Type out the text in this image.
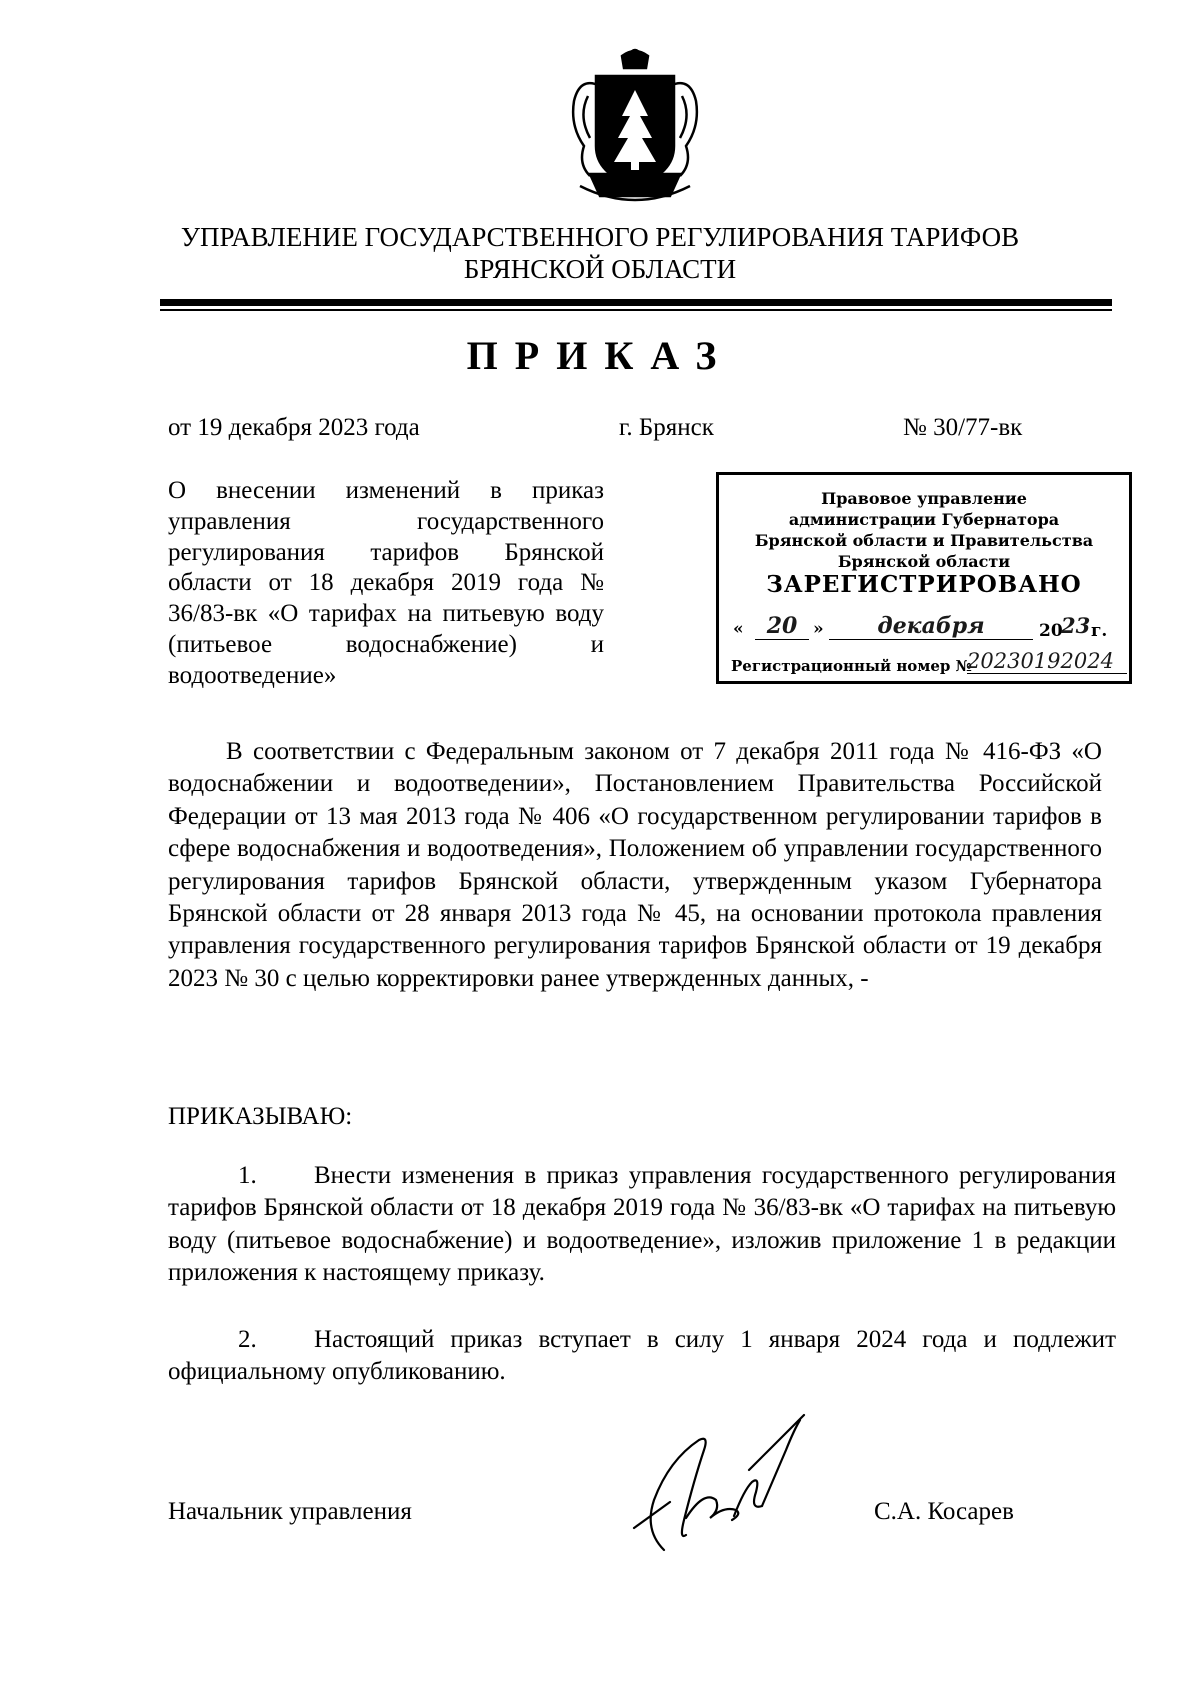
УПРАВЛЕНИЕ ГОСУДАРСТВЕННОГО РЕГУЛИРОВАНИЯ ТАРИФОВ
БРЯНСКОЙ ОБЛАСТИ
ПРИКАЗ
от 19 декабря 2023 года	г. Брянск	№ 30/77-вк
О внесении изменений в приказ управления государственного регулирования тарифов Брянской области от 18 декабря 2019 года № 36/83-вк «О тарифах на питьевую воду (питьевое водоснабжение) и водоотведение»
Правовое управление
администрации Губернатора
Брянской области и Правительства
Брянской области
ЗАРЕГИСТРИРОВАНО
«	20 »	декабря	20
23 г.
Регистрационный номер №
20230192024
В соответствии с Федеральным законом от 7 декабря 2011 года № 416-ФЗ «О водоснабжении и водоотведении», Постановлением Правительства Российской Федерации от 13 мая 2013 года № 406 «О государственном регулировании тарифов в сфере водоснабжения и водоотведения», Положением об управлении государственного регулирования тарифов Брянской области, утвержденным указом Губернатора Брянской области от 28 января 2013 года № 45, на основании протокола правления управления государственного регулирования тарифов Брянской области от 19 декабря 2023 № 30 с целью корректировки ранее утвержденных данных, -
ПРИКАЗЫВАЮ:
1. Внести изменения в приказ управления государственного регулирования тарифов Брянской области от 18 декабря 2019 года № 36/83-вк «О тарифах на питьевую воду (питьевое водоснабжение) и водоотведение», изложив приложение 1 в редакции приложения к настоящему приказу.
2. Настоящий приказ вступает в силу 1 января 2024 года и подлежит официальному опубликованию.
Начальник управления	С.А. Косарев
